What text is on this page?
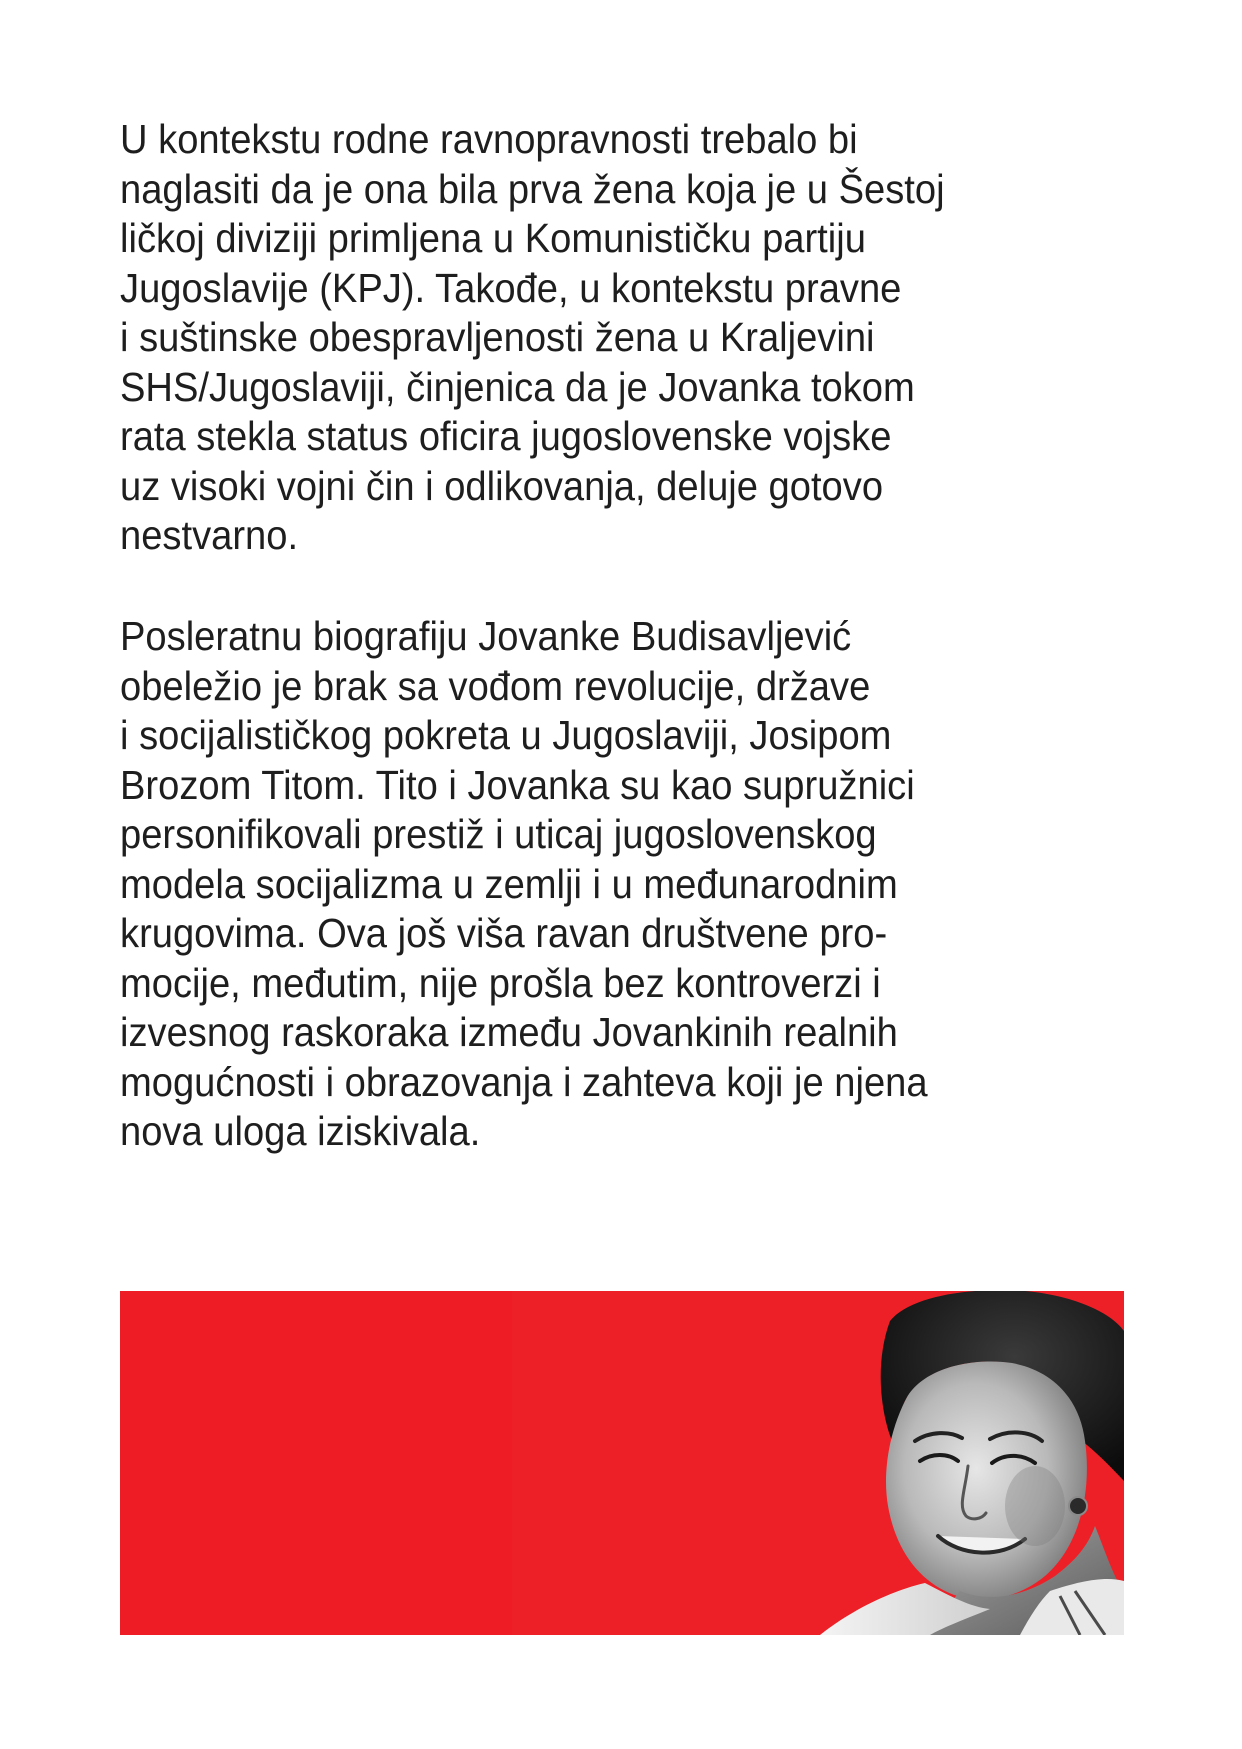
U kontekstu rodne ravnopravnosti trebalo bi
naglasiti da je ona bila prva žena koja je u Šestoj
ličkoj diviziji primljena u Komunističku partiju
Jugoslavije (KPJ). Takođe, u kontekstu pravne
i suštinske obespravljenosti žena u Kraljevini
SHS/Jugoslaviji, činjenica da je Jovanka tokom
rata stekla status oficira jugoslovenske vojske
uz visoki vojni čin i odlikovanja, deluje gotovo
nestvarno.
Posleratnu biografiju Jovanke Budisavljević
obeležio je brak sa vođom revolucije, države
i socijalističkog pokreta u Jugoslaviji, Josipom
Brozom Titom. Tito i Jovanka su kao supružnici
personifikovali prestiž i uticaj jugoslovenskog
modela socijalizma u zemlji i u međunarodnim
krugovima. Ova još viša ravan društvene pro-
mocije, međutim, nije prošla bez kontroverzi i
izvesnog raskoraka između Jovankinih realnih
mogućnosti i obrazovanja i zahteva koji je njena
nova uloga iziskivala.
